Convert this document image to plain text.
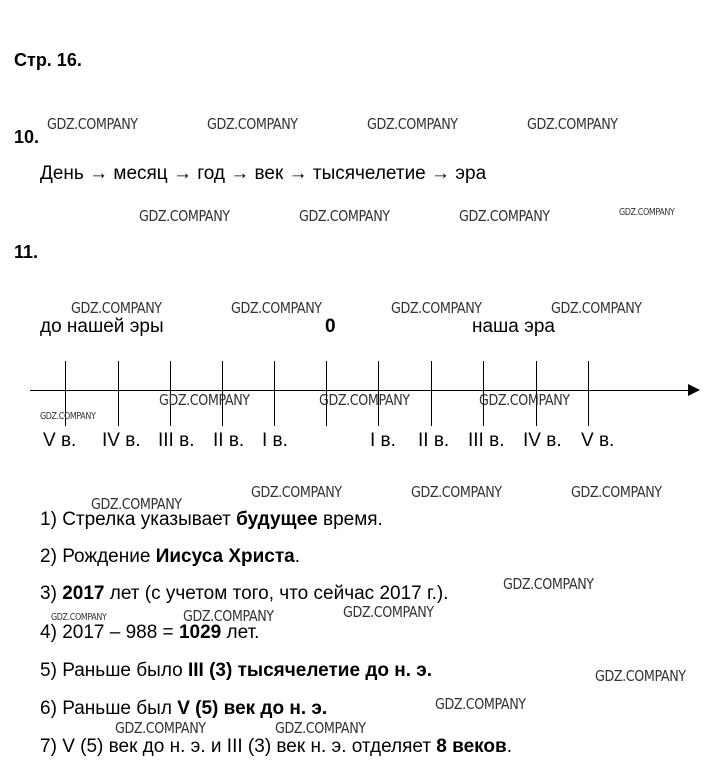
Стр. 16.
10.
День → месяц → год → век → тысячелетие → эра
11.
до нашей эры	0	наша эра
V в. IV в. III в. II в. I в.	I в. II в. III в. IV в. V в.
1) Стрелка указывает будущее время.
2) Рождение Иисуса Христа.
3) 2017 лет (с учетом того, что сейчас 2017 г.).
4) 2017 – 988 = 1029 лет.
5) Раньше было III (3) тысячелетие до н. э.
6) Раньше был V (5) век до н. э.
7) V (5) век до н. э. и III (3) век н. э. отделяет 8 веков.
GDZ.COMPANY	GDZ.COMPANY	GDZ.COMPANY	GDZ.COMPANY
GDZ.COMPANY	GDZ.COMPANY	GDZ.COMPANY	GDZ.COMPANY
GDZ.COMPANY	GDZ.COMPANY	GDZ.COMPANY	GDZ.COMPANY
GDZ.COMPANY
GDZ.COMPANY	GDZ.COMPANY	GDZ.COMPANY
GDZ.COMPANY
GDZ.COMPANY	GDZ.COMPANY	GDZ.COMPANY
GDZ.COMPANY
GDZ.COMPANY	GDZ.COMPANY	GDZ.COMPANY
GDZ.COMPANY
GDZ.COMPANY
GDZ.COMPANY	GDZ.COMPANY
